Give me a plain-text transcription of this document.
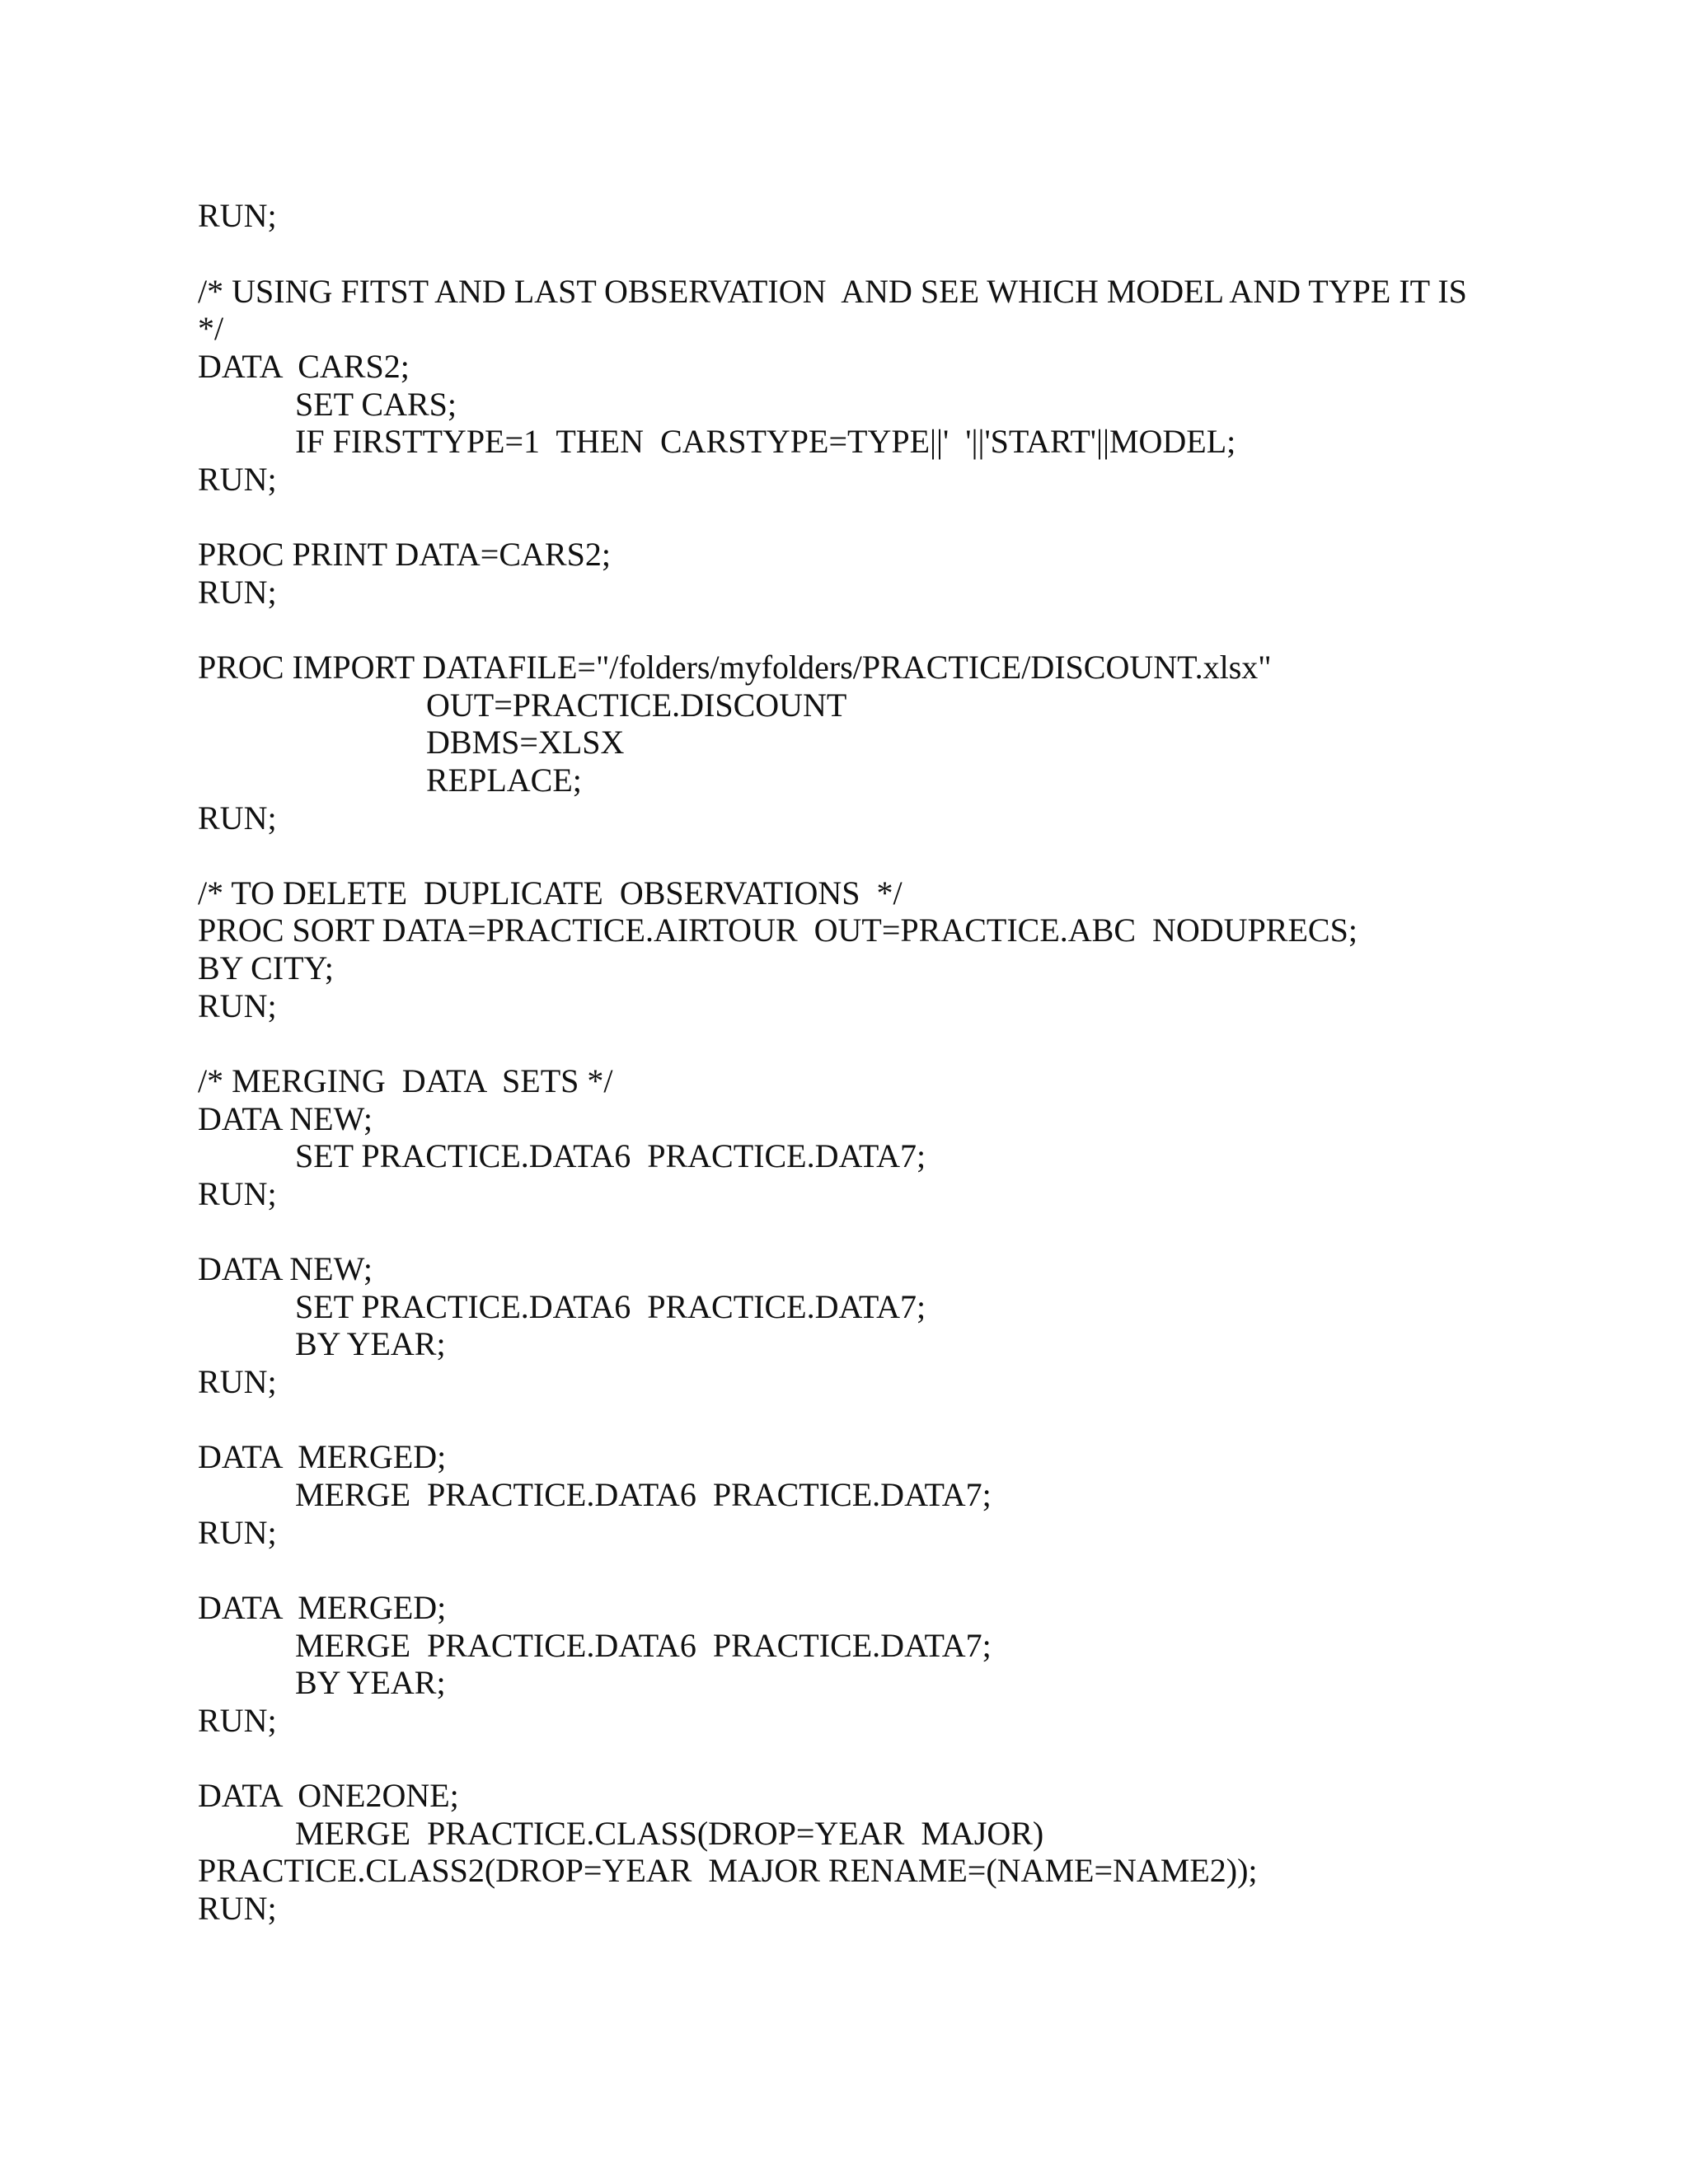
RUN;

/* USING FITST AND LAST OBSERVATION  AND SEE WHICH MODEL AND TYPE IT IS

*/

DATA  CARS2;

SET CARS;

IF FIRSTTYPE=1  THEN  CARSTYPE=TYPE||'  '||'START'||MODEL;

RUN;

PROC PRINT DATA=CARS2;

RUN;

PROC IMPORT DATAFILE="/folders/myfolders/PRACTICE/DISCOUNT.xlsx"

OUT=PRACTICE.DISCOUNT

DBMS=XLSX

REPLACE;

RUN;

/* TO DELETE  DUPLICATE  OBSERVATIONS  */

PROC SORT DATA=PRACTICE.AIRTOUR  OUT=PRACTICE.ABC  NODUPRECS;

BY CITY;

RUN;

/* MERGING  DATA  SETS */

DATA NEW;

SET PRACTICE.DATA6  PRACTICE.DATA7;

RUN;

DATA NEW;

SET PRACTICE.DATA6  PRACTICE.DATA7;

BY YEAR;

RUN;

DATA  MERGED;

MERGE  PRACTICE.DATA6  PRACTICE.DATA7;

RUN;

DATA  MERGED;

MERGE  PRACTICE.DATA6  PRACTICE.DATA7;

BY YEAR;

RUN;

DATA  ONE2ONE;

MERGE  PRACTICE.CLASS(DROP=YEAR  MAJOR)

PRACTICE.CLASS2(DROP=YEAR  MAJOR RENAME=(NAME=NAME2));

RUN;
